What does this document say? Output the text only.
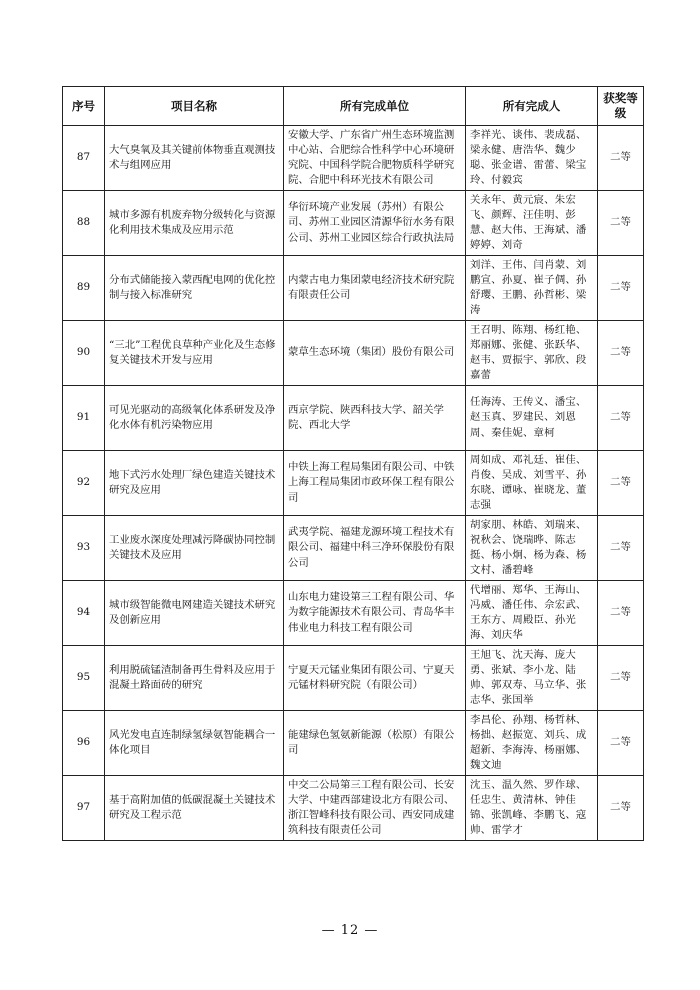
序号	项目名称	所有完成单位	所有完成人	获奖等级
87	大气臭氧及其关键前体物垂直观测技术与组网应用	安徽大学、广东省广州生态环境监测中心站、合肥综合性科学中心环境研究院、中国科学院合肥物质科学研究院、合肥中科环光技术有限公司	李祥光、谈伟、裴成磊、梁永健、唐浩华、魏少聪、张金谱、雷蕾、梁宝玲、付毅宾	二等
88	城市多源有机废弃物分级转化与资源化利用技术集成及应用示范	华衍环境产业发展（苏州）有限公司、苏州工业园区清源华衍水务有限公司、苏州工业园区综合行政执法局	关永年、黄元宸、朱宏飞、颜辉、汪佳明、彭慧、赵大伟、王海斌、潘婷婷、刘奇	二等
89	分布式储能接入蒙西配电网的优化控制与接入标准研究	内蒙古电力集团蒙电经济技术研究院有限责任公司	刘洋、王伟、闫肖蒙、刘鹏宣、孙夏、崔子倜、孙舒璎、王鹏、孙哲彬、梁涛	二等
90	“三北”工程优良草种产业化及生态修复关键技术开发与应用	蒙草生态环境（集团）股份有限公司	王召明、陈翔、杨红艳、郑丽娜、张健、张跃华、赵韦、贾振宇、郭欣、段嘉蕾	二等
91	可见光驱动的高级氧化体系研发及净化水体有机污染物应用	西京学院、陕西科技大学、韶关学院、西北大学	任海涛、王传义、潘宝、赵玉真、罗建民、刘恩周、秦佳妮、章柯	二等
92	地下式污水处理厂绿色建造关键技术研究及应用	中铁上海工程局集团有限公司、中铁上海工程局集团市政环保工程有限公司	周如成、邓礼廷、崔佳、肖俊、吴成、刘雪平、孙东晓、谭咏、崔晓龙、董志强	二等
93	工业废水深度处理减污降碳协同控制关键技术及应用	武夷学院、福建龙源环境工程技术有限公司、福建中科三净环保股份有限公司	胡家朋、林皓、刘瑞来、祝秋会、饶瑞晔、陈志挺、杨小炯、杨为森、杨文村、潘碧峰	二等
94	城市级智能微电网建造关键技术研究及创新应用	山东电力建设第三工程有限公司、华为数字能源技术有限公司、青岛华丰伟业电力科技工程有限公司	代增丽、郑华、王海山、冯威、潘任伟、佘宏武、王东方、周殿臣、孙光海、刘庆华	二等
95	利用脱硫锰渣制备再生骨料及应用于混凝土路面砖的研究	宁夏天元锰业集团有限公司、宁夏天元锰材料研究院（有限公司）	王旭飞、沈天海、庞大勇、张斌、李小龙、陆帅、郭双寿、马立华、张志华、张国举	二等
96	风光发电直连制绿氢绿氨智能耦合一体化项目	能建绿色氢氨新能源（松原）有限公司	李昌伦、孙翔、杨哲林、杨拙、赵振宽、刘兵、成超新、李海涛、杨丽娜、魏文迪	二等
97	基于高附加值的低碳混凝土关键技术研究及工程示范	中交二公局第三工程有限公司、长安大学、中建西部建设北方有限公司、浙江智峰科技有限公司、西安同成建筑科技有限责任公司	沈玉、温久然、罗作球、任忠生、黄清林、钟佳锦、张凯峰、李鹏飞、寇帅、雷学才	二等
— 12 —
